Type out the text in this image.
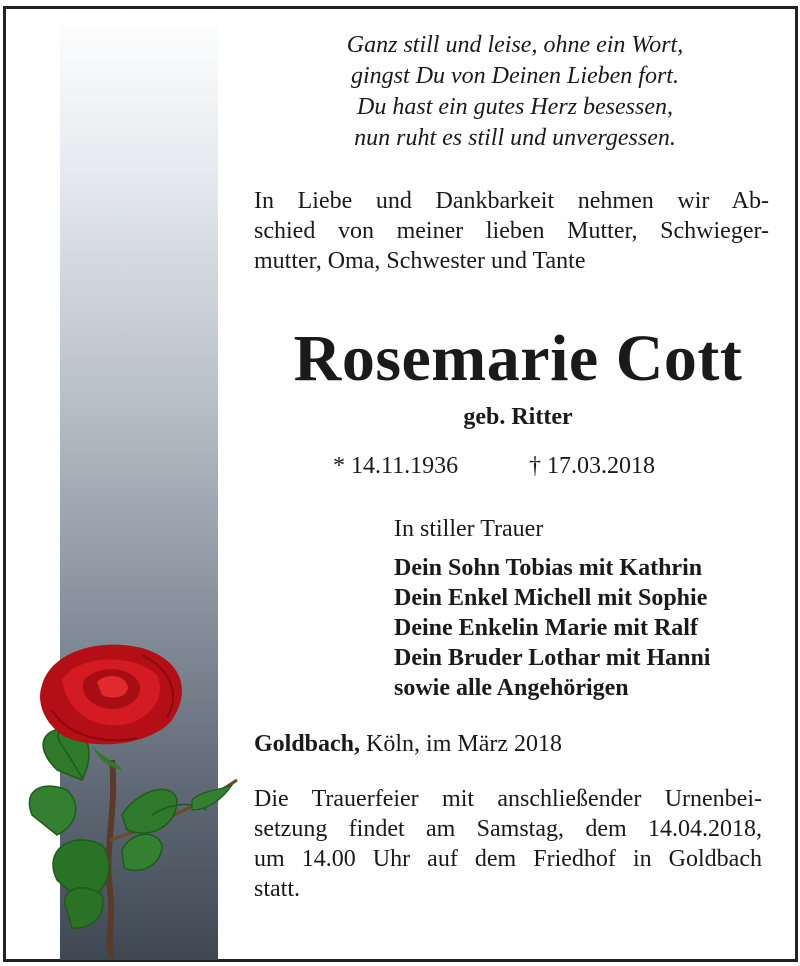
Ganz still und leise, ohne ein Wort,
gingst Du von Deinen Lieben fort.
Du hast ein gutes Herz besessen,
nun ruht es still und unvergessen.
In Liebe und Dankbarkeit nehmen wir Ab-
schied von meiner lieben Mutter, Schwieger-
mutter, Oma, Schwester und Tante
Rosemarie Cott
geb. Ritter
* 14.11.1936	† 17.03.2018
In stiller Trauer
Dein Sohn Tobias mit Kathrin
Dein Enkel Michell mit Sophie
Deine Enkelin Marie mit Ralf
Dein Bruder Lothar mit Hanni
sowie alle Angehörigen
Goldbach, Köln, im März 2018
Die Trauerfeier mit anschließender Urnenbei-
setzung findet am Samstag, dem 14.04.2018,
um 14.00 Uhr auf dem Friedhof in Goldbach
statt.
